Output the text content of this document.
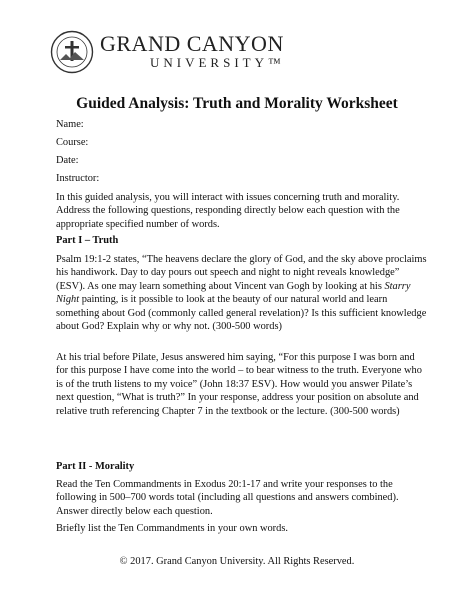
GRAND CANYON
UNIVERSITY™
Guided Analysis: Truth and Morality Worksheet

Name:

Course:

Date:

Instructor:

In this guided analysis, you will interact with issues concerning truth and morality. Address the following questions, responding directly below each question with the appropriate specified number of words.

Part I – Truth

Psalm 19:1-2 states, “The heavens declare the glory of God, and the sky above proclaims his handiwork. Day to day pours out speech and night to night reveals knowledge” (ESV). As one may learn something about Vincent van Gogh by looking at his Starry Night painting, is it possible to look at the beauty of our natural world and learn something about God (commonly called general revelation)? Is this sufficient knowledge about God? Explain why or why not. (300-500 words)

At his trial before Pilate, Jesus answered him saying, “For this purpose I was born and for this purpose I have come into the world – to bear witness to the truth. Everyone who is of the truth listens to my voice” (John 18:37 ESV). How would you answer Pilate’s next question, “What is truth?” In your response, address your position on absolute and relative truth referencing Chapter 7 in the textbook or the lecture. (300-500 words)

Part II - Morality

Read the Ten Commandments in Exodus 20:1-17 and write your responses to the following in 500–700 words total (including all questions and answers combined). Answer directly below each question.

Briefly list the Ten Commandments in your own words.

© 2017. Grand Canyon University. All Rights Reserved.
